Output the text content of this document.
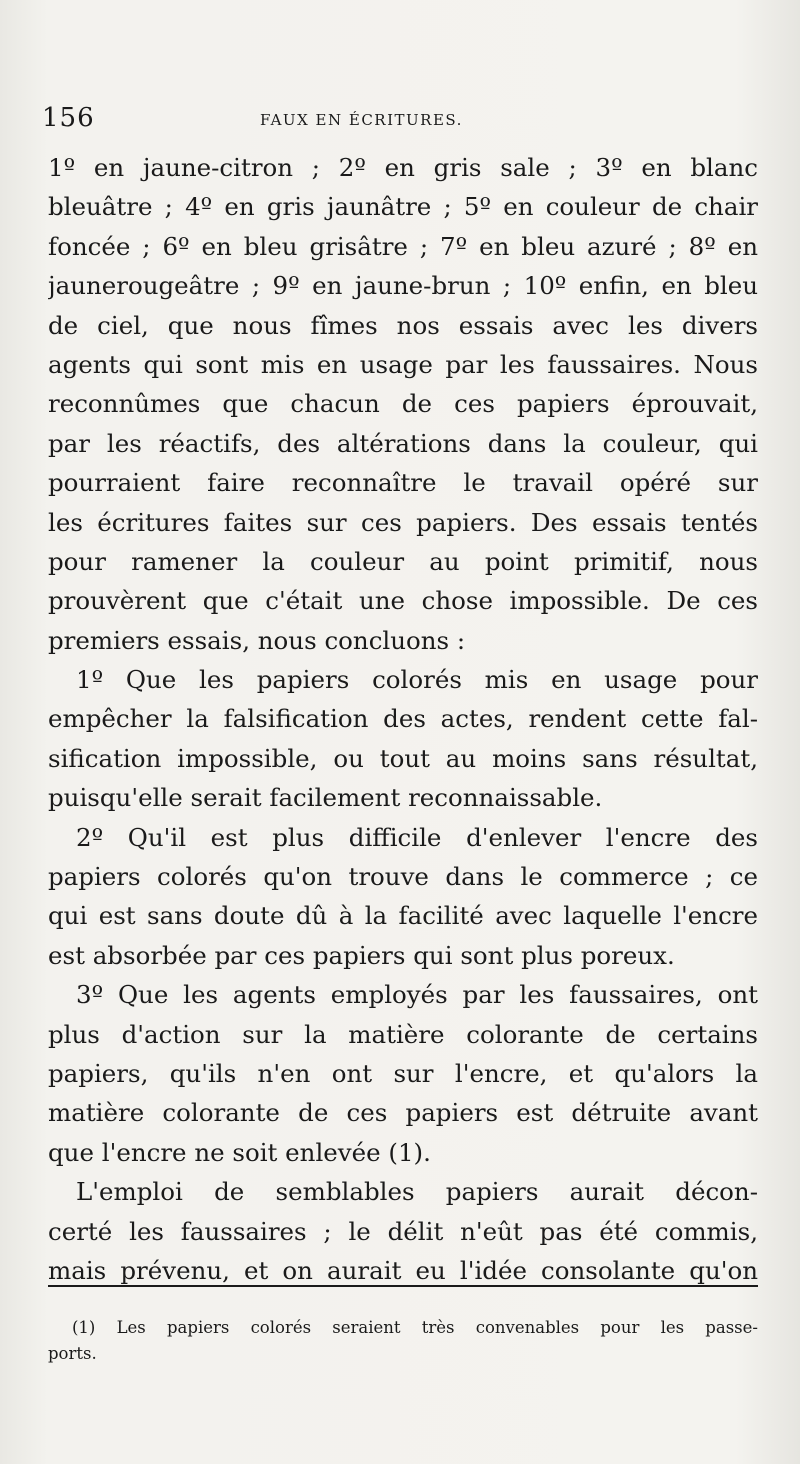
156	FAUX EN ÉCRITURES.
1º en jaune-citron ; 2º en gris sale ; 3º en blanc
bleuâtre ; 4º en gris jaunâtre ; 5º en couleur de chair
foncée ; 6º en bleu grisâtre ; 7º en bleu azuré ; 8º en
jaunerougeâtre ; 9º en jaune-brun ; 10º enfin, en bleu
de ciel, que nous fîmes nos essais avec les divers
agents qui sont mis en usage par les faussaires. Nous
reconnûmes que chacun de ces papiers éprouvait,
par les réactifs, des altérations dans la couleur, qui
pourraient faire reconnaître le travail opéré sur
les écritures faites sur ces papiers. Des essais tentés
pour ramener la couleur au point primitif, nous
prouvèrent que c'était une chose impossible. De ces
premiers essais, nous concluons :
1º Que les papiers colorés mis en usage pour
empêcher la falsification des actes, rendent cette fal-
sification impossible, ou tout au moins sans résultat,
puisqu'elle serait facilement reconnaissable.
2º Qu'il est plus difficile d'enlever l'encre des
papiers colorés qu'on trouve dans le commerce ; ce
qui est sans doute dû à la facilité avec laquelle l'encre
est absorbée par ces papiers qui sont plus poreux.
3º Que les agents employés par les faussaires, ont
plus d'action sur la matière colorante de certains
papiers, qu'ils n'en ont sur l'encre, et qu'alors la
matière colorante de ces papiers est détruite avant
que l'encre ne soit enlevée (1).
L'emploi de semblables papiers aurait décon-
certé les faussaires ; le délit n'eût pas été commis,
mais prévenu, et on aurait eu l'idée consolante qu'on
(1) Les papiers colorés seraient très convenables pour les passe-
ports.
